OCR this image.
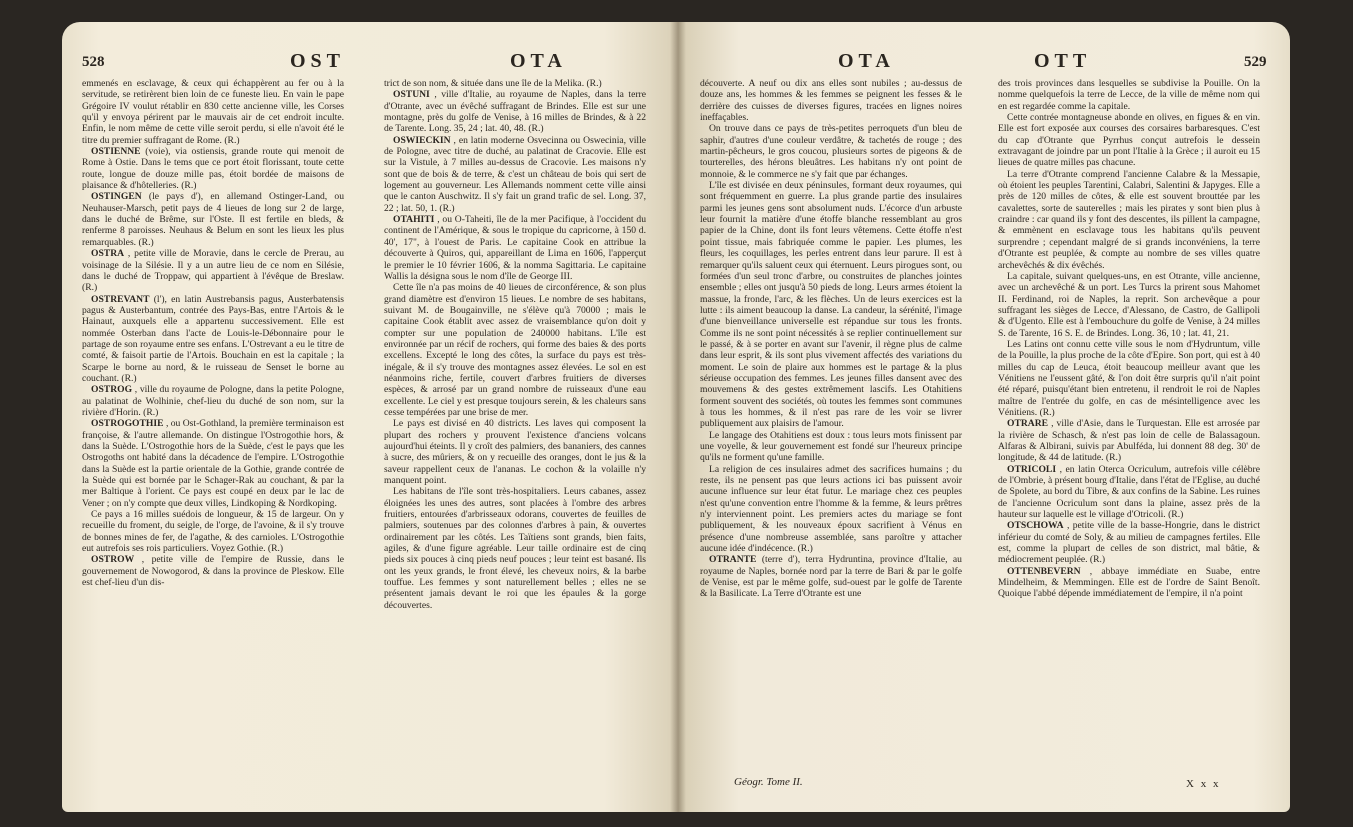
528	OST	OTA

emmenés en esclavage, & ceux qui échappèrent au fer ou à la servitude, se retirèrent bien loin de ce funeste lieu. En vain le pape Grégoire IV voulut rétablir en 830 cette ancienne ville, les Corses qu'il y envoya périrent par le mauvais air de cet endroit inculte. Enfin, le nom même de cette ville seroit perdu, si elle n'avoit été le titre du premier suffragant de Rome. (R.)

OSTIENNE (voie), via ostiensis, grande route qui menoit de Rome à Ostie. Dans le tems que ce port étoit florissant, toute cette route, longue de douze mille pas, étoit bordée de maisons de plaisance & d'hôtelleries. (R.)

OSTINGEN (le pays d'), en allemand Ostinger-Land, ou Neuhauser-Marsch, petit pays de 4 lieues de long sur 2 de large, dans le duché de Brême, sur l'Oste. Il est fertile en bleds, & renferme 8 paroisses. Neuhaus & Belum en sont les lieux les plus remarquables. (R.)

OSTRA , petite ville de Moravie, dans le cercle de Prerau, au voisinage de la Silésie. Il y a un autre lieu de ce nom en Silésie, dans le duché de Troppaw, qui appartient à l'évêque de Breslaw. (R.)

OSTREVANT (l'), en latin Austrebansis pagus, Austerbatensis pagus & Austerbantum, contrée des Pays-Bas, entre l'Artois & le Hainaut, auxquels elle a appartenu successivement. Elle est nommée Osterban dans l'acte de Louis-le-Débonnaire pour le partage de son royaume entre ses enfans. L'Ostrevant a eu le titre de comté, & faisoit partie de l'Artois. Bouchain en est la capitale ; la Scarpe le borne au nord, & le ruisseau de Senset le borne au couchant. (R.)

OSTROG , ville du royaume de Pologne, dans la petite Pologne, au palatinat de Wolhinie, chef-lieu du duché de son nom, sur la rivière d'Horin. (R.)

OSTROGOTHIE , ou Ost-Gothland, la première terminaison est françoise, & l'autre allemande. On distingue l'Ostrogothie hors, & dans la Suède. L'Ostrogothie hors de la Suède, c'est le pays que les Ostrogoths ont habité dans la décadence de l'empire. L'Ostrogothie dans la Suède est la partie orientale de la Gothie, grande contrée de la Suède qui est bornée par le Schager-Rak au couchant, & par la mer Baltique à l'orient. Ce pays est coupé en deux par le lac de Vener ; on n'y compte que deux villes, Lindkoping & Nordkoping.

Ce pays a 16 milles suédois de longueur, & 15 de largeur. On y recueille du froment, du seigle, de l'orge, de l'avoine, & il s'y trouve de bonnes mines de fer, de l'agathe, & des carnioles. L'Ostrogothie eut autrefois ses rois particuliers. Voyez Gothie. (R.)

OSTROW , petite ville de l'empire de Russie, dans le gouvernement de Nowogorod, & dans la province de Pleskow. Elle est chef-lieu d'un dis-

trict de son nom, & située dans une île de la Melika. (R.)

OSTUNI , ville d'Italie, au royaume de Naples, dans la terre d'Otrante, avec un évêché suffragant de Brindes. Elle est sur une montagne, près du golfe de Venise, à 16 milles de Brindes, & à 22 de Tarente. Long. 35, 24 ; lat. 40, 48. (R.)

OSWIECKIN , en latin moderne Osvecinna ou Osweciniа, ville de Pologne, avec titre de duché, au palatinat de Cracovie. Elle est sur la Vistule, à 7 milles au-dessus de Cracovie. Les maisons n'y sont que de bois & de terre, & c'est un château de bois qui sert de logement au gouverneur. Les Allemands nomment cette ville ainsi que le canton Auschwitz. Il s'y fait un grand trafic de sel. Long. 37, 22 ; lat. 50, 1. (R.)

OTAHITI , ou O-Taheiti, île de la mer Pacifique, à l'occident du continent de l'Amérique, & sous le tropique du capricorne, à 150 d. 40', 17", à l'ouest de Paris. Le capitaine Cook en attribue la découverte à Quiros, qui, appareillant de Lima en 1606, l'apperçut le premier le 10 février 1606, & la nomma Sagittaria. Le capitaine Wallis la désigna sous le nom d'île de George III.

Cette île n'a pas moins de 40 lieues de circonférence, & son plus grand diamètre est d'environ 15 lieues. Le nombre de ses habitans, suivant M. de Bougainville, ne s'élève qu'à 70000 ; mais le capitaine Cook établit avec assez de vraisemblance qu'on doit y compter sur une population de 240000 habitans. L'île est environnée par un récif de rochers, qui forme des baies & des ports excellens. Excepté le long des côtes, la surface du pays est très-inégale, & il s'y trouve des montagnes assez élevées. Le sol en est néanmoins riche, fertile, couvert d'arbres fruitiers de diverses espèces, & arrosé par un grand nombre de ruisseaux d'une eau excellente. Le ciel y est presque toujours serein, & les chaleurs sans cesse tempérées par une brise de mer.

Le pays est divisé en 40 districts. Les laves qui composent la plupart des rochers y prouvent l'existence d'anciens volcans aujourd'hui éteints. Il y croît des palmiers, des bananiers, des cannes à sucre, des mûriers, & on y recueille des oranges, dont le jus & la saveur rappellent ceux de l'ananas. Le cochon & la volaille n'y manquent point.

Les habitans de l'île sont très-hospitaliers. Leurs cabanes, assez éloignées les unes des autres, sont placées à l'ombre des arbres fruitiers, entourées d'arbrisseaux odorans, couvertes de feuilles de palmiers, soutenues par des colonnes d'arbres à pain, & ouvertes ordinairement par les côtés. Les Taïtiens sont grands, bien faits, agiles, & d'une figure agréable. Leur taille ordinaire est de cinq pieds six pouces à cinq pieds neuf pouces ; leur teint est basané. Ils ont les yeux grands, le front élevé, les cheveux noirs, & la barbe touffue. Les femmes y sont naturellement belles ; elles ne se présentent jamais devant le roi que les épaules & la gorge découvertes.

OTA	OTT	529

découverte. A neuf ou dix ans elles sont nubiles ; au-dessus de douze ans, les hommes & les femmes se peignent les fesses & le derrière des cuisses de diverses figures, tracées en lignes noires ineffaçables.

On trouve dans ce pays de très-petites perroquets d'un bleu de saphir, d'autres d'une couleur verdâtre, & tachetés de rouge ; des martin-pêcheurs, le gros coucou, plusieurs sortes de pigeons & de tourterelles, des hérons bleuâtres. Les habitans n'y ont point de monnoie, & le commerce ne s'y fait que par échanges.

L'île est divisée en deux péninsules, formant deux royaumes, qui sont fréquemment en guerre. La plus grande partie des insulaires parmi les jeunes gens sont absolument nuds. L'écorce d'un arbuste leur fournit la matière d'une étoffe blanche ressemblant au gros papier de la Chine, dont ils font leurs vêtemens. Cette étoffe n'est point tissue, mais fabriquée comme le papier. Les plumes, les fleurs, les coquillages, les perles entrent dans leur parure. Il est à remarquer qu'ils saluent ceux qui éternuent. Leurs pirogues sont, ou formées d'un seul tronc d'arbre, ou construites de planches jointes ensemble ; elles ont jusqu'à 50 pieds de long. Leurs armes étoient la massue, la fronde, l'arc, & les flèches. Un de leurs exercices est la lutte : ils aiment beaucoup la danse. La candeur, la sérénité, l'image d'une bienveillance universelle est répandue sur tous les fronts. Comme ils ne sont point nécessités à se replier continuellement sur le passé, & à se porter en avant sur l'avenir, il règne plus de calme dans leur esprit, & ils sont plus vivement affectés des variations du moment. Le soin de plaire aux hommes est le partage & la plus sérieuse occupation des femmes. Les jeunes filles dansent avec des mouvemens & des gestes extrêmement lascifs. Les Otahitiens forment souvent des sociétés, où toutes les femmes sont communes à tous les hommes, & il n'est pas rare de les voir se livrer publiquement aux plaisirs de l'amour.

Le langage des Otahitiens est doux : tous leurs mots finissent par une voyelle, & leur gouvernement est fondé sur l'heureux principe qu'ils ne forment qu'une famille.

La religion de ces insulaires admet des sacrifices humains ; du reste, ils ne pensent pas que leurs actions ici bas puissent avoir aucune influence sur leur état futur. Le mariage chez ces peuples n'est qu'une convention entre l'homme & la femme, & leurs prêtres n'y interviennent point. Les premiers actes du mariage se font publiquement, & les nouveaux époux sacrifient à Vénus en présence d'une nombreuse assemblée, sans paroître y attacher aucune idée d'indécence. (R.)

OTRANTE (terre d'), terra Hydruntina, province d'Italie, au royaume de Naples, bornée nord par la terre de Bari & par le golfe de Venise, est par le même golfe, sud-ouest par le golfe de Tarente & la Basilicate. La Terre d'Otrante est une

des trois provinces dans lesquelles se subdivise la Pouille. On la nomme quelquefois la terre de Lecce, de la ville de même nom qui en est regardée comme la capitale.

Cette contrée montagneuse abonde en olives, en figues & en vin. Elle est fort exposée aux courses des corsaires barbaresques. C'est du cap d'Otrante que Pyrrhus conçut autrefois le dessein extravagant de joindre par un pont l'Italie à la Grèce ; il auroit eu 15 lieues de quatre milles pas chacune.

La terre d'Otrante comprend l'ancienne Calabre & la Messapie, où étoient les peuples Tarentini, Calabri, Salentini & Japyges. Elle a près de 120 milles de côtes, & elle est souvent brouttée par les cavalettes, sorte de sauterelles ; mais les pirates y sont bien plus à craindre : car quand ils y font des descentes, ils pillent la campagne, & emmènent en esclavage tous les habitans qu'ils peuvent surprendre ; cependant malgré de si grands inconvéniens, la terre d'Otrante est peuplée, & compte au nombre de ses villes quatre archevêchés & dix évêchés.

La capitale, suivant quelques-uns, en est Otrante, ville ancienne, avec un archevêché & un port. Les Turcs la prirent sous Mahomet II. Ferdinand, roi de Naples, la reprit. Son archevêque a pour suffragant les sièges de Lecce, d'Alessano, de Castro, de Gallipoli & d'Ugento. Elle est à l'embouchure du golfe de Venise, à 24 milles S. de Tarente, 16 S. E. de Brindes. Long. 36, 10 ; lat. 41, 21.

Les Latins ont connu cette ville sous le nom d'Hydruntum, ville de la Pouille, la plus proche de la côte d'Epire. Son port, qui est à 40 milles du cap de Leuca, étoit beaucoup meilleur avant que les Vénitiens ne l'eussent gâté, & l'on doit être surpris qu'il n'ait point été réparé, puisqu'étant bien entretenu, il rendroit le roi de Naples maître de l'entrée du golfe, en cas de mésintelligence avec les Vénitiens. (R.)

OTRARE , ville d'Asie, dans le Turquestan. Elle est arrosée par la rivière de Schasch, & n'est pas loin de celle de Balassagoun. Alfaras & Albirani, suivis par Abulféda, lui donnent 88 deg. 30' de longitude, & 44 de latitude. (R.)

OTRICOLI , en latin Oterca Ocriculum, autrefois ville célèbre de l'Ombrie, à présent bourg d'Italie, dans l'état de l'Eglise, au duché de Spolete, au bord du Tibre, & aux confins de la Sabine. Les ruines de l'ancienne Ocriculum sont dans la plaine, assez près de la hauteur sur laquelle est le village d'Otricoli. (R.)

OTSCHOWA , petite ville de la basse-Hongrie, dans le district inférieur du comté de Soly, & au milieu de campagnes fertiles. Elle est, comme la plupart de celles de son district, mal bâtie, & médiocrement peuplée. (R.)

OTTENBEVERN , abbaye immédiate en Suabe, entre Mindelheim, & Memmingen. Elle est de l'ordre de Saint Benoît. Quoique l'abbé dépende immédiatement de l'empire, il n'a point

Géogr. Tome II.	X x x
